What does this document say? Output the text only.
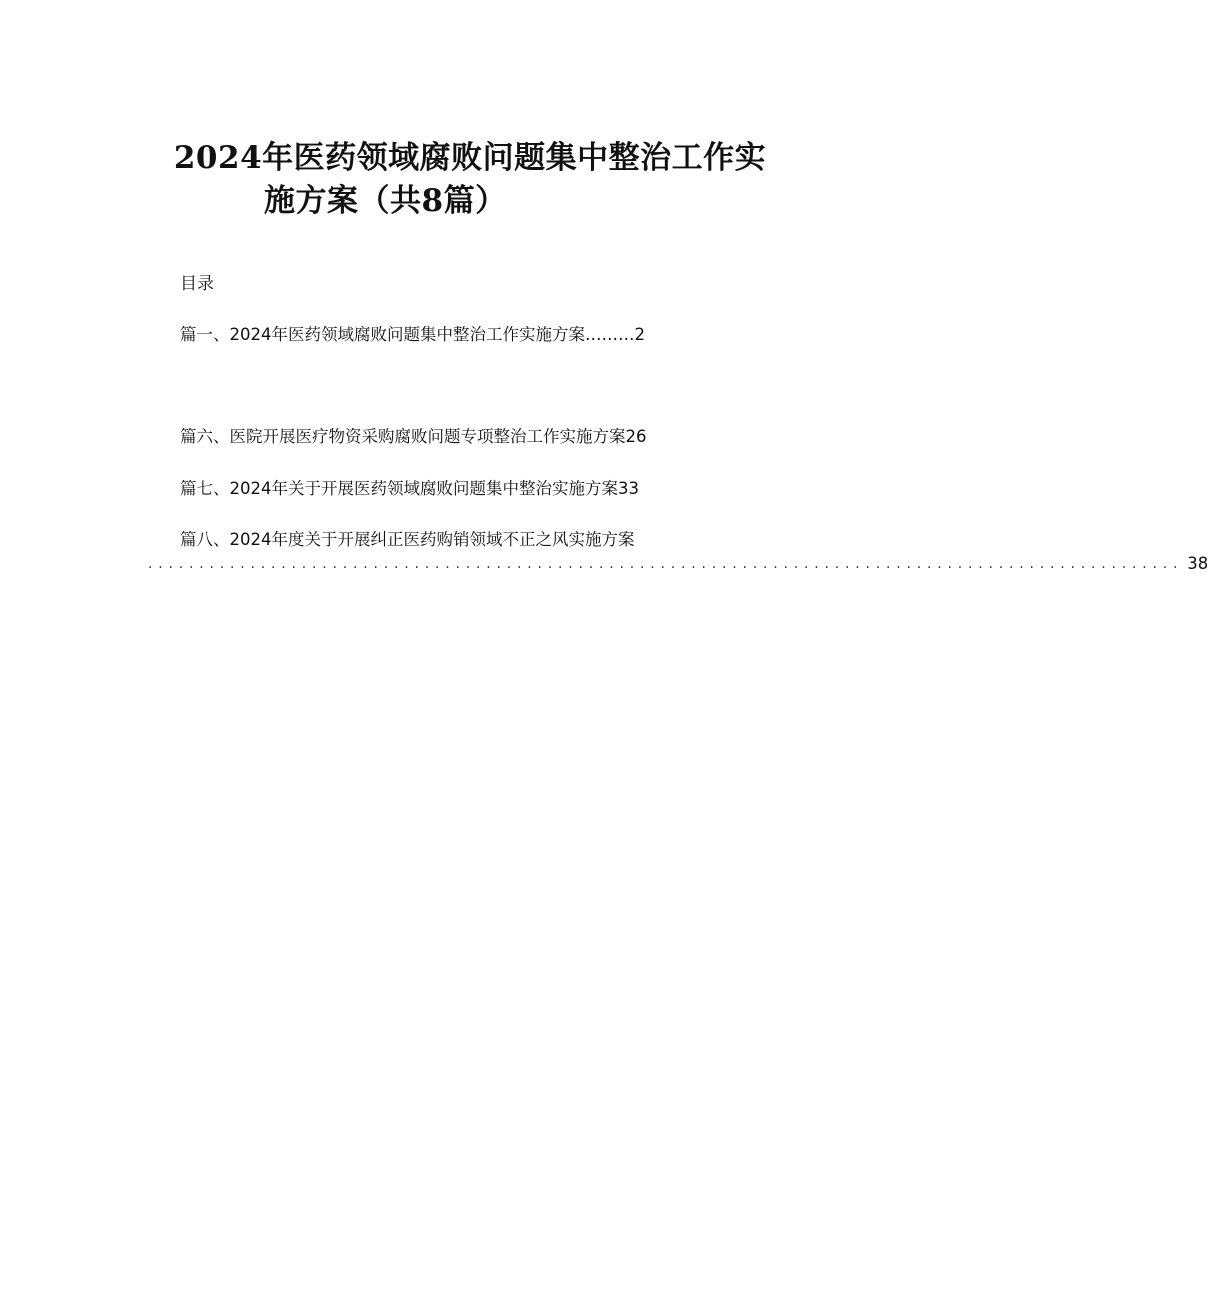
2024年医药领域腐败问题集中整治工作实
施方案（共8篇）
目录
篇一、2024年医药领域腐败问题集中整治工作实施方案………2
篇六、医院开展医疗物资采购腐败问题专项整治工作实施方案26
篇七、2024年关于开展医药领域腐败问题集中整治实施方案33
篇八、2024年度关于开展纠正医药购销领域不正之风实施方案
..................................................................................................... 38
